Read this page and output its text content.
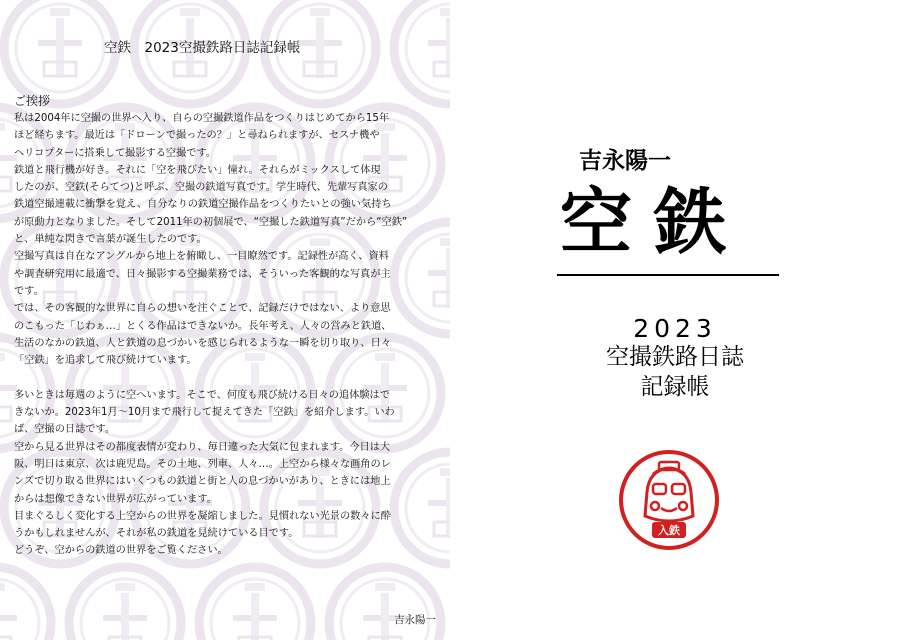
空鉄　2023空撮鉄路日誌記録帳
ご挨拶
私は2004年に空撮の世界へ入り、自らの空撮鉄道作品をつくりはじめてから15年
ほど経ちます。最近は「ドローンで撮ったの？」と尋ねられますが、セスナ機や
ヘリコプターに搭乗して撮影する空撮です。
鉄道と飛行機が好き。それに「空を飛びたい」憧れ。それらがミックスして体現
したのが、空鉄(そらてつ)と呼ぶ、空撮の鉄道写真です。学生時代、先輩写真家の
鉄道空撮連載に衝撃を覚え、自分なりの鉄道空撮作品をつくりたいとの強い気持ち
が原動力となりました。そして2011年の初個展で、“空撮した鉄道写真”だから“空鉄”
と、単純な閃きで言葉が誕生したのです。
空撮写真は自在なアングルから地上を俯瞰し、一目瞭然です。記録性が高く、資料
や調査研究用に最適で、日々撮影する空撮業務では、そういった客観的な写真が主
です。
では、その客観的な世界に自らの想いを注ぐことで、記録だけではない、より意思
のこもった「じわぁ…」とくる作品はできないか。長年考え、人々の営みと鉄道、
生活のなかの鉄道、人と鉄道の息づかいを感じられるような一瞬を切り取り、日々
「空鉄」を追求して飛び続けています。
多いときは毎週のように空へいます。そこで、何度も飛び続ける日々の追体験はで
きないか。2023年1月～10月まで飛行して捉えてきた「空鉄」を紹介します。いわ
ば、空撮の日誌です。
空から見る世界はその都度表情が変わり、毎日違った大気に包まれます。今日は大
阪、明日は東京、次は鹿児島。その土地、列車、人々…。上空から様々な画角のレ
ンズで切り取る世界にはいくつもの鉄道と街と人の息づかいがあり、ときには地上
からは想像できない世界が広がっています。
目まぐるしく変化する上空からの世界を凝縮しました。見慣れない光景の数々に酔
うかもしれませんが、それが私の鉄道を見続けている目です。
どうぞ、空からの鉄道の世界をご覧ください。
吉永陽一
吉永陽一
空鉄
2023
空撮鉄路日誌
記録帳
入鉄
